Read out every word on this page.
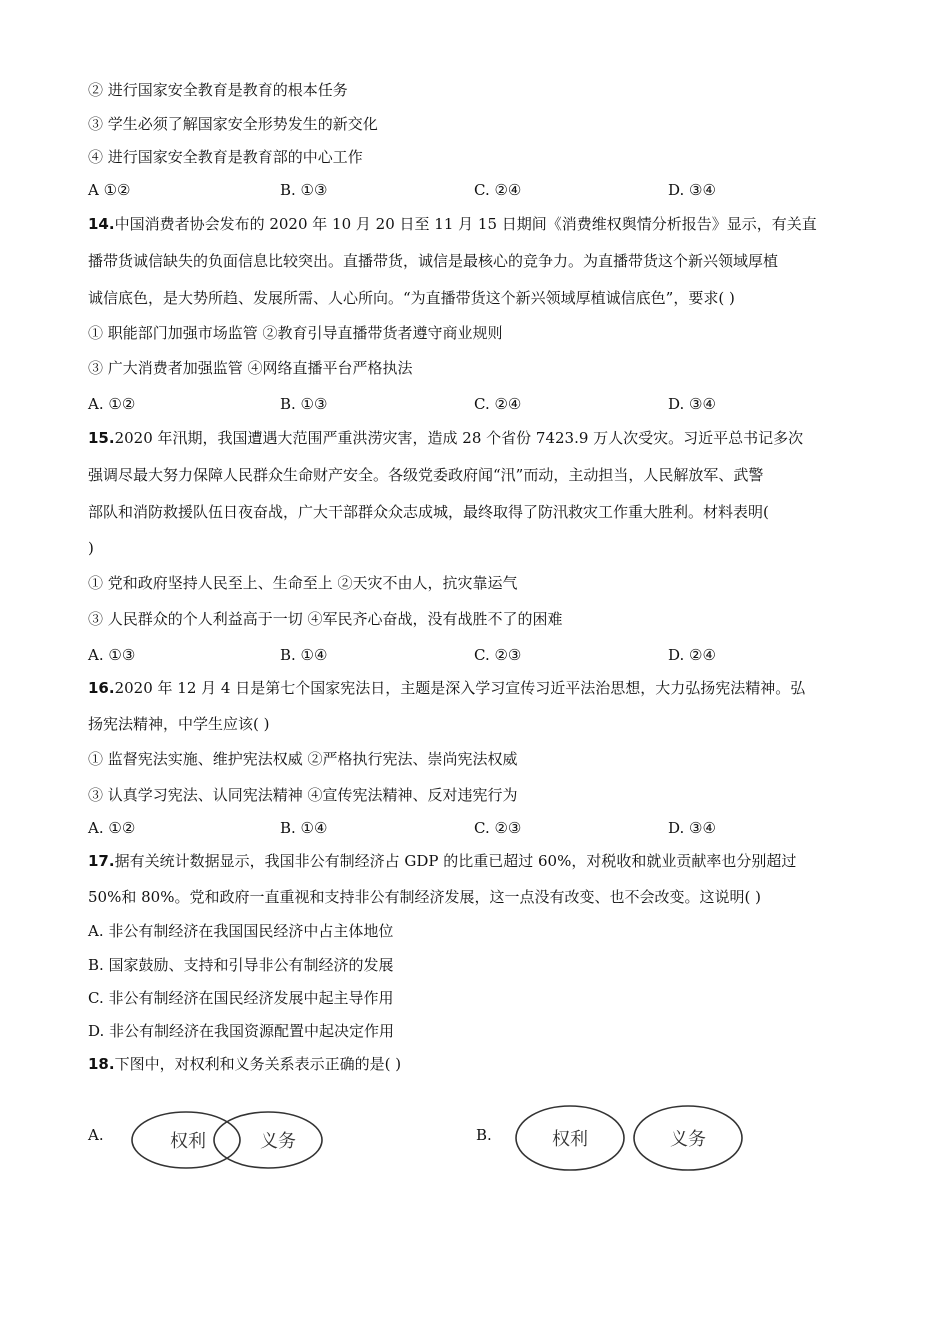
② 进行国家安全教育是教育的根本任务
③ 学生必须了解国家安全形势发生的新交化
④ 进行国家安全教育是教育部的中心工作
A ①②	B. ①③	C. ②④	D. ③④
14.中国消费者协会发布的 2020 年 10 月 20 日至 11 月 15 日期间《消费维权舆情分析报告》显示，有关直
播带货诚信缺失的负面信息比较突出。直播带货，诚信是最核心的竞争力。为直播带货这个新兴领域厚植
诚信底色，是大势所趋、发展所需、人心所向。“为直播带货这个新兴领域厚植诚信底色”，要求( )
① 职能部门加强市场监管 ②教育引导直播带货者遵守商业规则
③ 广大消费者加强监管 ④网络直播平台严格执法
A. ①②	B. ①③	C. ②④	D. ③④
15.2020 年汛期，我国遭遇大范围严重洪涝灾害，造成 28 个省份 7423.9 万人次受灾。习近平总书记多次
强调尽最大努力保障人民群众生命财产安全。各级党委政府闻“汛”而动，主动担当，人民解放军、武警
部队和消防救援队伍日夜奋战，广大干部群众众志成城，最终取得了防汛救灾工作重大胜利。材料表明(
)
① 党和政府坚持人民至上、生命至上 ②天灾不由人，抗灾靠运气
③ 人民群众的个人利益高于一切 ④军民齐心奋战，没有战胜不了的困难
A. ①③	B. ①④	C. ②③	D. ②④
16.2020 年 12 月 4 日是第七个国家宪法日，主题是深入学习宣传习近平法治思想，大力弘扬宪法精神。弘
扬宪法精神，中学生应该( )
① 监督宪法实施、维护宪法权威 ②严格执行宪法、崇尚宪法权威
③ 认真学习宪法、认同宪法精神 ④宣传宪法精神、反对违宪行为
A. ①②	B. ①④	C. ②③	D. ③④
17.据有关统计数据显示，我国非公有制经济占 GDP 的比重已超过 60%，对税收和就业贡献率也分别超过
50%和 80%。党和政府一直重视和支持非公有制经济发展，这一点没有改变、也不会改变。这说明( )
A. 非公有制经济在我国国民经济中占主体地位
B. 国家鼓励、支持和引导非公有制经济的发展
C. 非公有制经济在国民经济发展中起主导作用
D. 非公有制经济在我国资源配置中起决定作用
18.下图中，对权利和义务关系表示正确的是( )
A.	权利	义务	B.	权利	义务
